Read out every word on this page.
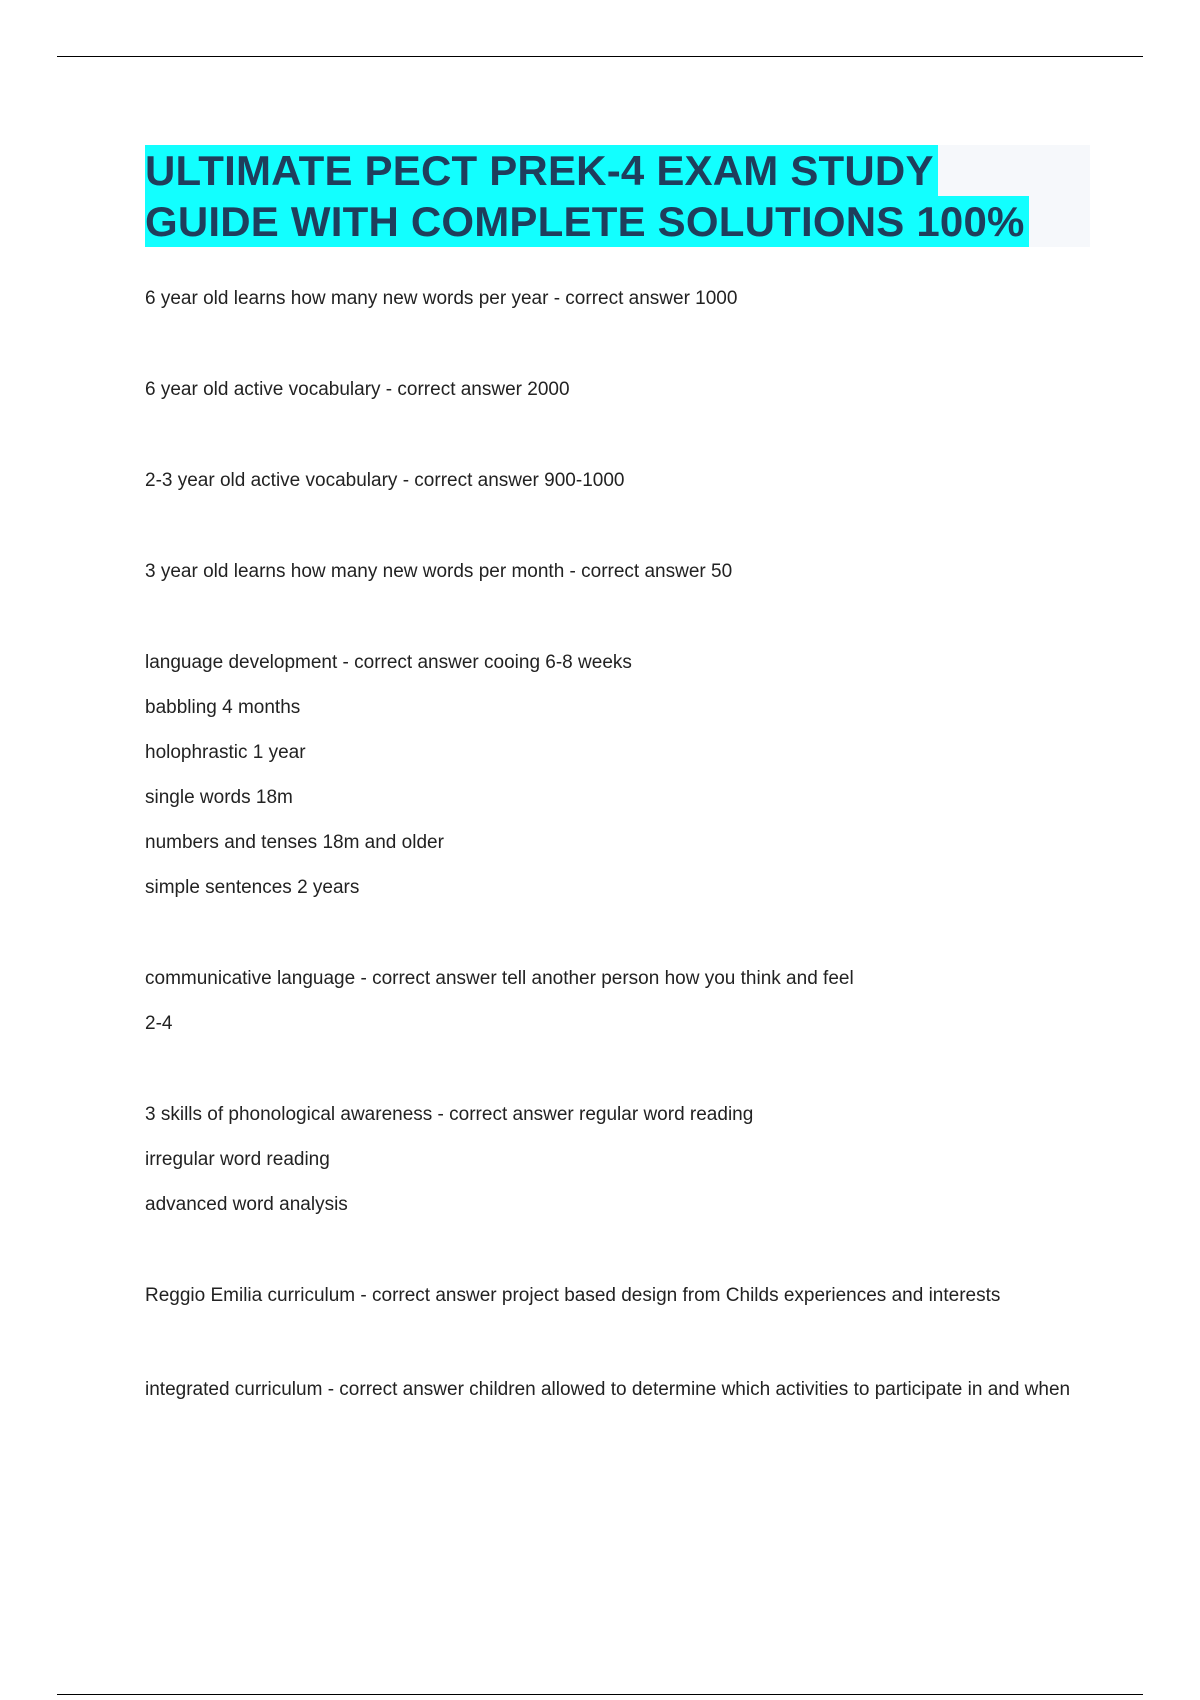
ULTIMATE PECT PREK-4 EXAM STUDY
GUIDE WITH COMPLETE SOLUTIONS 100%
6 year old learns how many new words per year - correct answer 1000
6 year old active vocabulary - correct answer 2000
2-3 year old active vocabulary - correct answer 900-1000
3 year old learns how many new words per month - correct answer 50
language development - correct answer cooing 6-8 weeks
babbling 4 months
holophrastic 1 year
single words 18m
numbers and tenses 18m and older
simple sentences 2 years
communicative language - correct answer tell another person how you think and feel
2-4
3 skills of phonological awareness - correct answer regular word reading
irregular word reading
advanced word analysis
Reggio Emilia curriculum - correct answer project based design from Childs experiences and interests
integrated curriculum - correct answer children allowed to determine which activities to participate in and when
